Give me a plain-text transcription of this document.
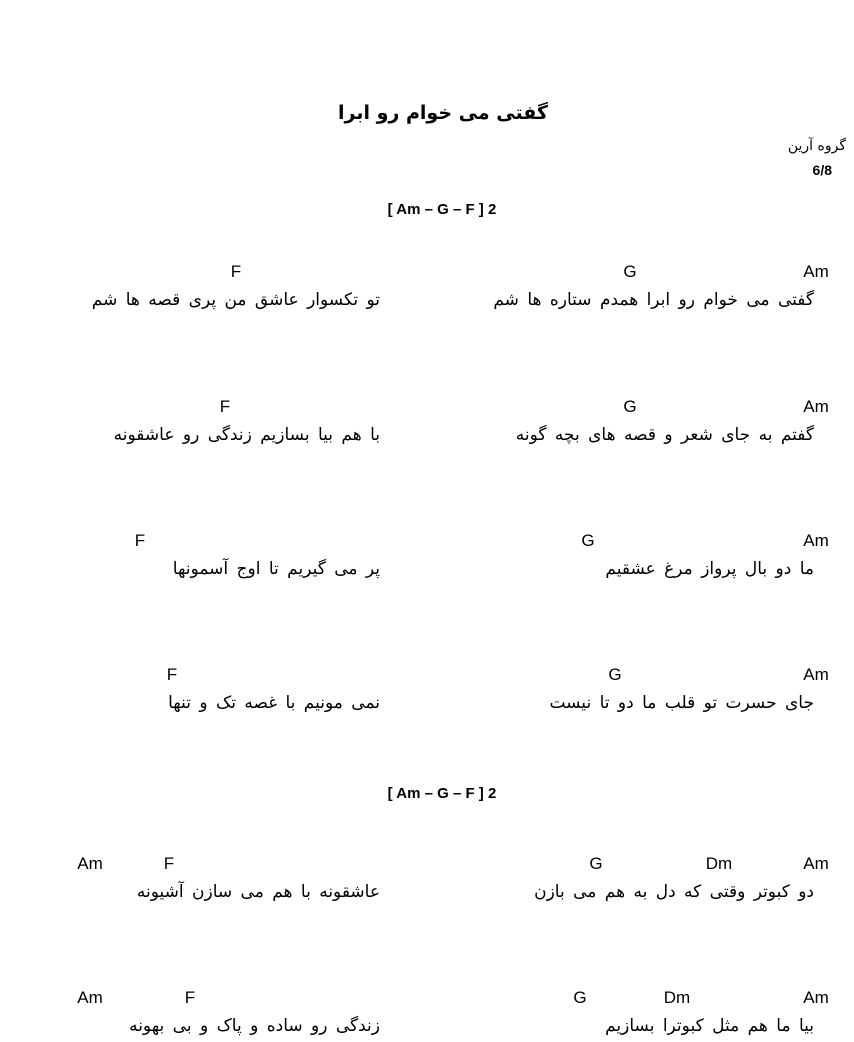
گفتی می خوام رو ابرا
گروه آرین
6/8
[ Am – G – F ] 2
Am
G
F
گفتی می خوام رو ابرا همدم ستاره ها شم
تو تکسوار عاشق من پری قصه ها شم
Am
G
F
گفتم به جای شعر و قصه های بچه گونه
با هم بیا بسازیم زندگی رو عاشقونه
Am
G
F
ما دو بال پرواز مرغ عشقیم
پر می گیریم تا اوج آسمونها
Am
G
F
جای حسرت تو قلب ما دو تا نیست
نمی مونیم با غصه تک و تنها
[ Am – G – F ] 2
Am
Dm
G
F
Am
دو کبوتر وقتی که دل به هم می بازن
عاشقونه با هم می سازن آشیونه
Am
Dm
G
F
Am
بیا ما هم مثل کبوترا بسازیم
زندگی رو ساده و پاک و بی بهونه
